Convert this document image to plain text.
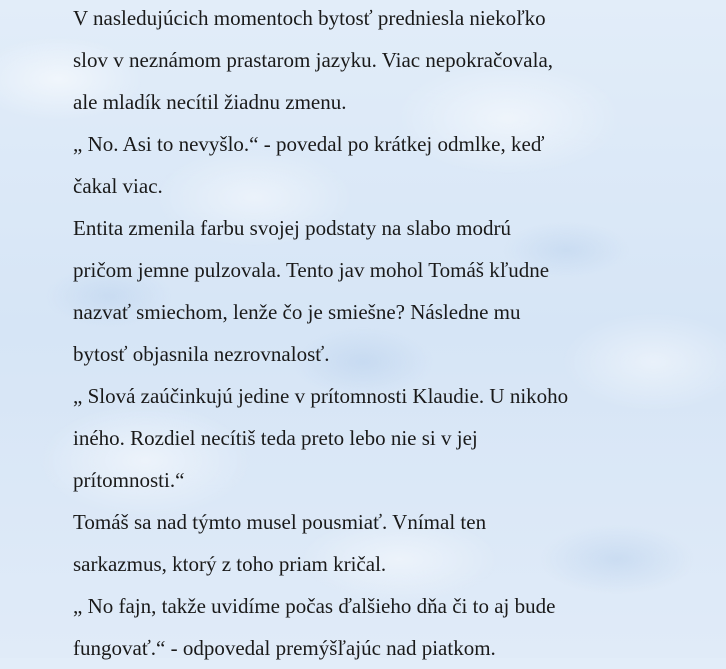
V nasledujúcich momentoch bytosť predniesla niekoľko
slov v neznámom prastarom jazyku. Viac nepokračovala,
ale mladík necítil žiadnu zmenu.
„ No. Asi to nevyšlo.“ - povedal po krátkej odmlke, keď
čakal viac.
Entita zmenila farbu svojej podstaty na slabo modrú
pričom jemne pulzovala. Tento jav mohol Tomáš kľudne
nazvať smiechom, lenže čo je smiešne? Následne mu
bytosť objasnila nezrovnalosť.
„ Slová zaúčinkujú jedine v prítomnosti Klaudie. U nikoho
iného. Rozdiel necítiš teda preto lebo nie si v jej
prítomnosti.“
Tomáš sa nad týmto musel pousmiať. Vnímal ten
sarkazmus, ktorý z toho priam kričal.
„ No fajn, takže uvidíme počas ďalšieho dňa či to aj bude
fungovať.“ - odpovedal premýšľajúc nad piatkom.
